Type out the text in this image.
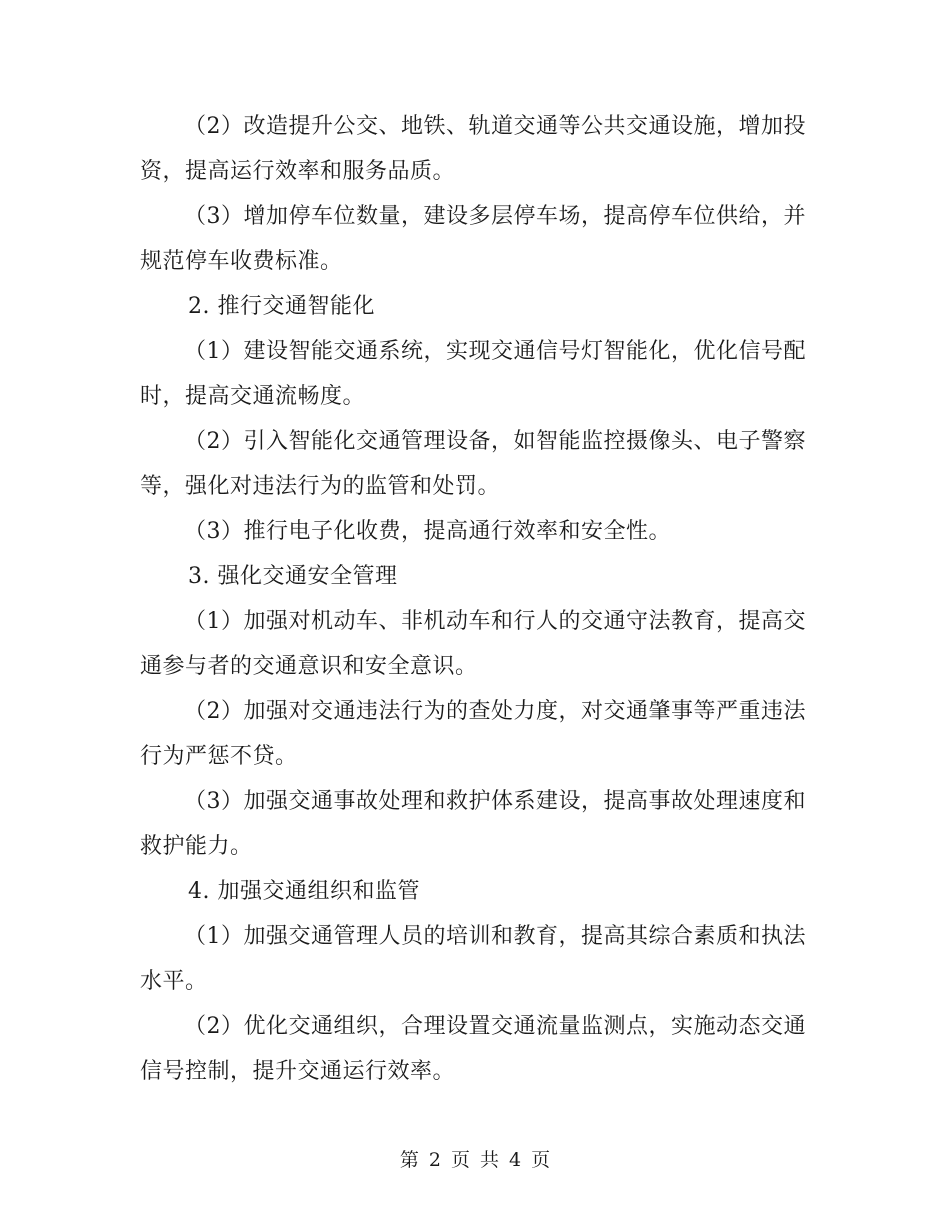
（2）改造提升公交、地铁、轨道交通等公共交通设施，增加投资，提高运行效率和服务品质。

（3）增加停车位数量，建设多层停车场，提高停车位供给，并规范停车收费标准。

2. 推行交通智能化

（1）建设智能交通系统，实现交通信号灯智能化，优化信号配时，提高交通流畅度。

（2）引入智能化交通管理设备，如智能监控摄像头、电子警察等，强化对违法行为的监管和处罚。

（3）推行电子化收费，提高通行效率和安全性。

3. 强化交通安全管理

（1）加强对机动车、非机动车和行人的交通守法教育，提高交通参与者的交通意识和安全意识。

（2）加强对交通违法行为的查处力度，对交通肇事等严重违法行为严惩不贷。

（3）加强交通事故处理和救护体系建设，提高事故处理速度和救护能力。

4. 加强交通组织和监管

（1）加强交通管理人员的培训和教育，提高其综合素质和执法水平。

（2）优化交通组织，合理设置交通流量监测点，实施动态交通信号控制，提升交通运行效率。

第 2 页 共 4 页
